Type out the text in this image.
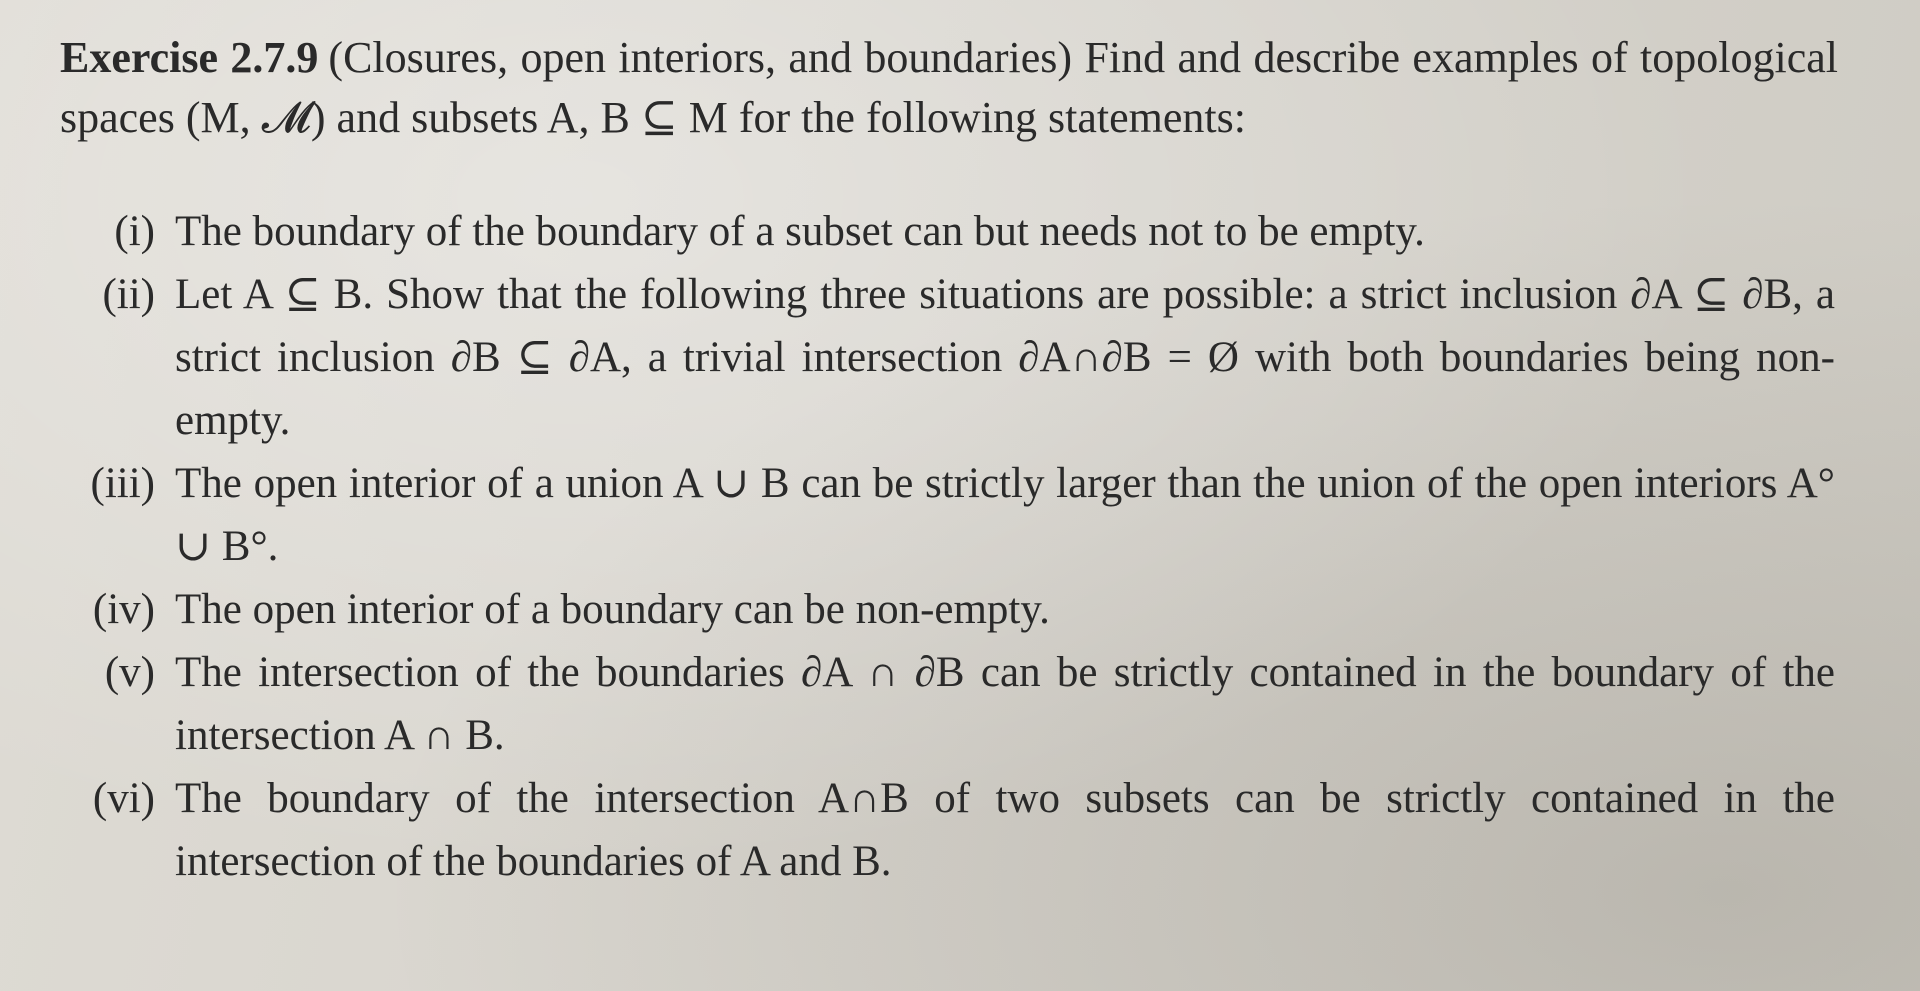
Exercise 2.7.9 (Closures, open interiors, and boundaries) Find and describe examples of topological spaces (M, 𝓜) and subsets A, B ⊆ M for the following statements:

(i) The boundary of the boundary of a subset can but needs not to be empty.
(ii) Let A ⊆ B. Show that the following three situations are possible: a strict inclusion ∂A ⊆ ∂B, a strict inclusion ∂B ⊆ ∂A, a trivial intersection ∂A∩∂B = Ø with both boundaries being non-empty.
(iii) The open interior of a union A ∪ B can be strictly larger than the union of the open interiors A° ∪ B°.
(iv) The open interior of a boundary can be non-empty.
(v) The intersection of the boundaries ∂A ∩ ∂B can be strictly contained in the boundary of the intersection A ∩ B.
(vi) The boundary of the intersection A∩B of two subsets can be strictly contained in the intersection of the boundaries of A and B.
